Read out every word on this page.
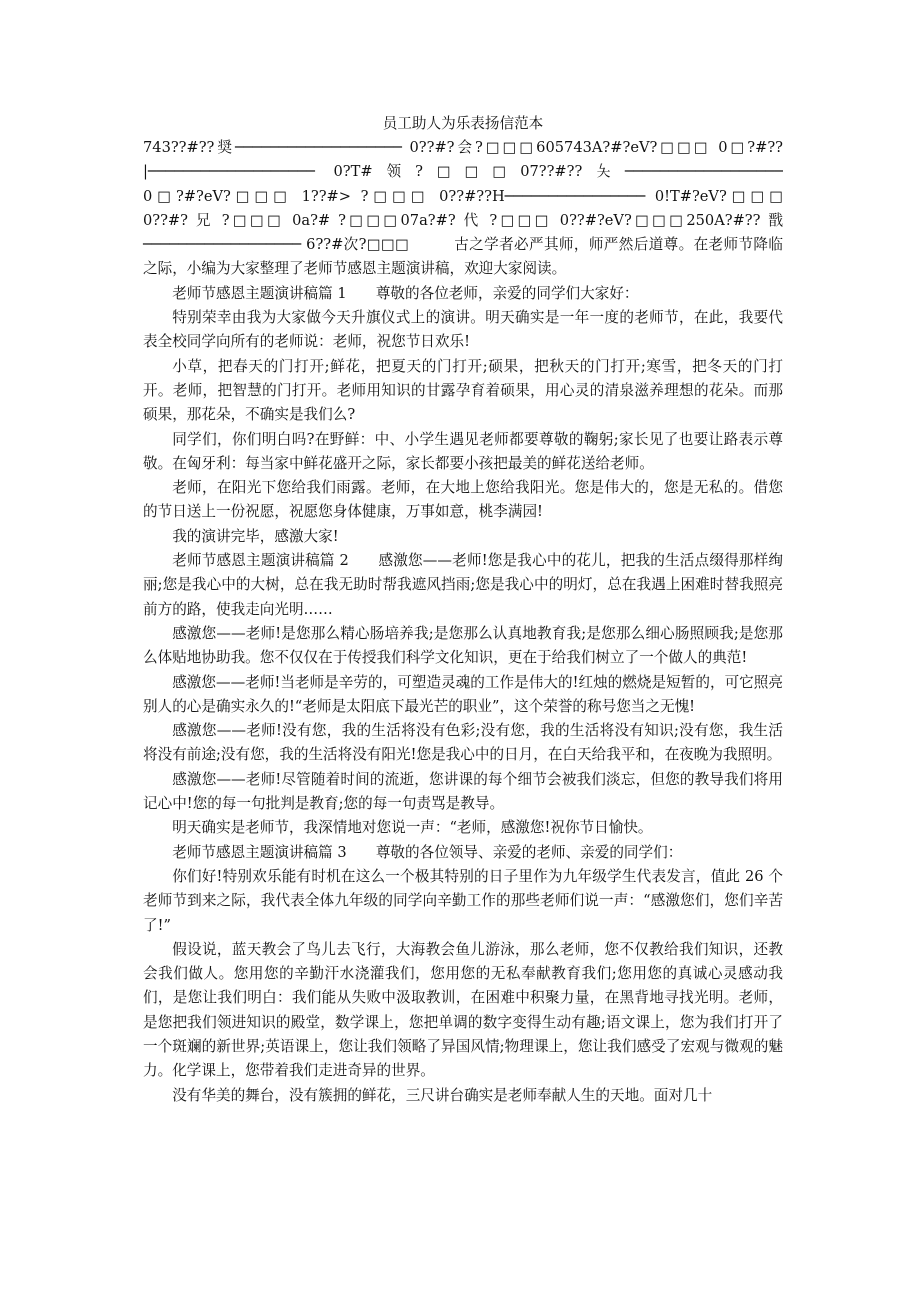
员工助人为乐表扬信范本
743??#??奨─────────────────── 0??#?会?□□□605743A?#?eV?□□□ 0□?#??
|─────────────────── 0?T#领?□□□07??#??夨──────────────────
0□?#?eV?□□□ 1??#> ?□□□ 0??#??H──────────────── 0!T#?eV?□□□
0??#? 兄 ?□□□ 0a?# ?□□□07a?#? 代 ?□□□ 0??#?eV?□□□250A?#?? 戬

────────────────── 6??#次?□□□　　　	古之学者必严其师，师严然后道尊。在老师节降临之际，小编为大家整理了老师节感恩主题演讲稿，欢迎大家阅读。

老师节感恩主题演讲稿篇 1　　尊敬的各位老师，亲爱的同学们大家好：

特别荣幸由我为大家做今天升旗仪式上的演讲。明天确实是一年一度的老师节，在此，我要代表全校同学向所有的老师说：老师，祝您节日欢乐!

小草，把春天的门打开;鲜花，把夏天的门打开;硕果，把秋天的门打开;寒雪，把冬天的门打开。老师，把智慧的门打开。老师用知识的甘露孕育着硕果，用心灵的清泉滋养理想的花朵。而那硕果，那花朵，不确实是我们么?

同学们，你们明白吗?在野鲜：中、小学生遇见老师都要尊敬的鞠躬;家长见了也要让路表示尊敬。在匈牙利：每当家中鲜花盛开之际，家长都要小孩把最美的鲜花送给老师。

老师，在阳光下您给我们雨露。老师，在大地上您给我阳光。您是伟大的，您是无私的。借您的节日送上一份祝愿，祝愿您身体健康，万事如意，桃李满园!

我的演讲完毕，感激大家!

老师节感恩主题演讲稿篇 2　　感激您——老师!您是我心中的花儿，把我的生活点缀得那样绚丽;您是我心中的大树，总在我无助时帮我遮风挡雨;您是我心中的明灯，总在我遇上困难时替我照亮前方的路，使我走向光明……

感激您——老师!是您那么精心肠培养我;是您那么认真地教育我;是您那么细心肠照顾我;是您那么体贴地协助我。您不仅仅在于传授我们科学文化知识，更在于给我们树立了一个做人的典范!

感激您——老师!当老师是辛劳的，可塑造灵魂的工作是伟大的!红烛的燃烧是短暂的，可它照亮别人的心是确实永久的!“老师是太阳底下最光芒的职业”，这个荣誉的称号您当之无愧!

感激您——老师!没有您，我的生活将没有色彩;没有您，我的生活将没有知识;没有您，我生活将没有前途;没有您，我的生活将没有阳光!您是我心中的日月，在白天给我平和，在夜晚为我照明。

感激您——老师!尽管随着时间的流逝，您讲课的每个细节会被我们淡忘，但您的教导我们将用记心中!您的每一句批判是教育;您的每一句责骂是教导。

明天确实是老师节，我深情地对您说一声：“老师，感激您!祝你节日愉快。

老师节感恩主题演讲稿篇 3　　尊敬的各位领导、亲爱的老师、亲爱的同学们：

你们好!特别欢乐能有时机在这么一个极其特别的日子里作为九年级学生代表发言，值此 26 个老师节到来之际，我代表全体九年级的同学向辛勤工作的那些老师们说一声：“感激您们，您们辛苦了!”

假设说，蓝天教会了鸟儿去飞行，大海教会鱼儿游泳，那么老师，您不仅教给我们知识，还教会我们做人。您用您的辛勤汗水浇灌我们，您用您的无私奉献教育我们;您用您的真诚心灵感动我们，是您让我们明白：我们能从失败中汲取教训，在困难中积聚力量，在黑背地寻找光明。老师，是您把我们领进知识的殿堂，数学课上，您把单调的数字变得生动有趣;语文课上，您为我们打开了一个斑斓的新世界;英语课上，您让我们领略了异国风情;物理课上，您让我们感受了宏观与微观的魅力。化学课上，您带着我们走进奇异的世界。

没有华美的舞台，没有簇拥的鲜花，三尺讲台确实是老师奉献人生的天地。面对几十
